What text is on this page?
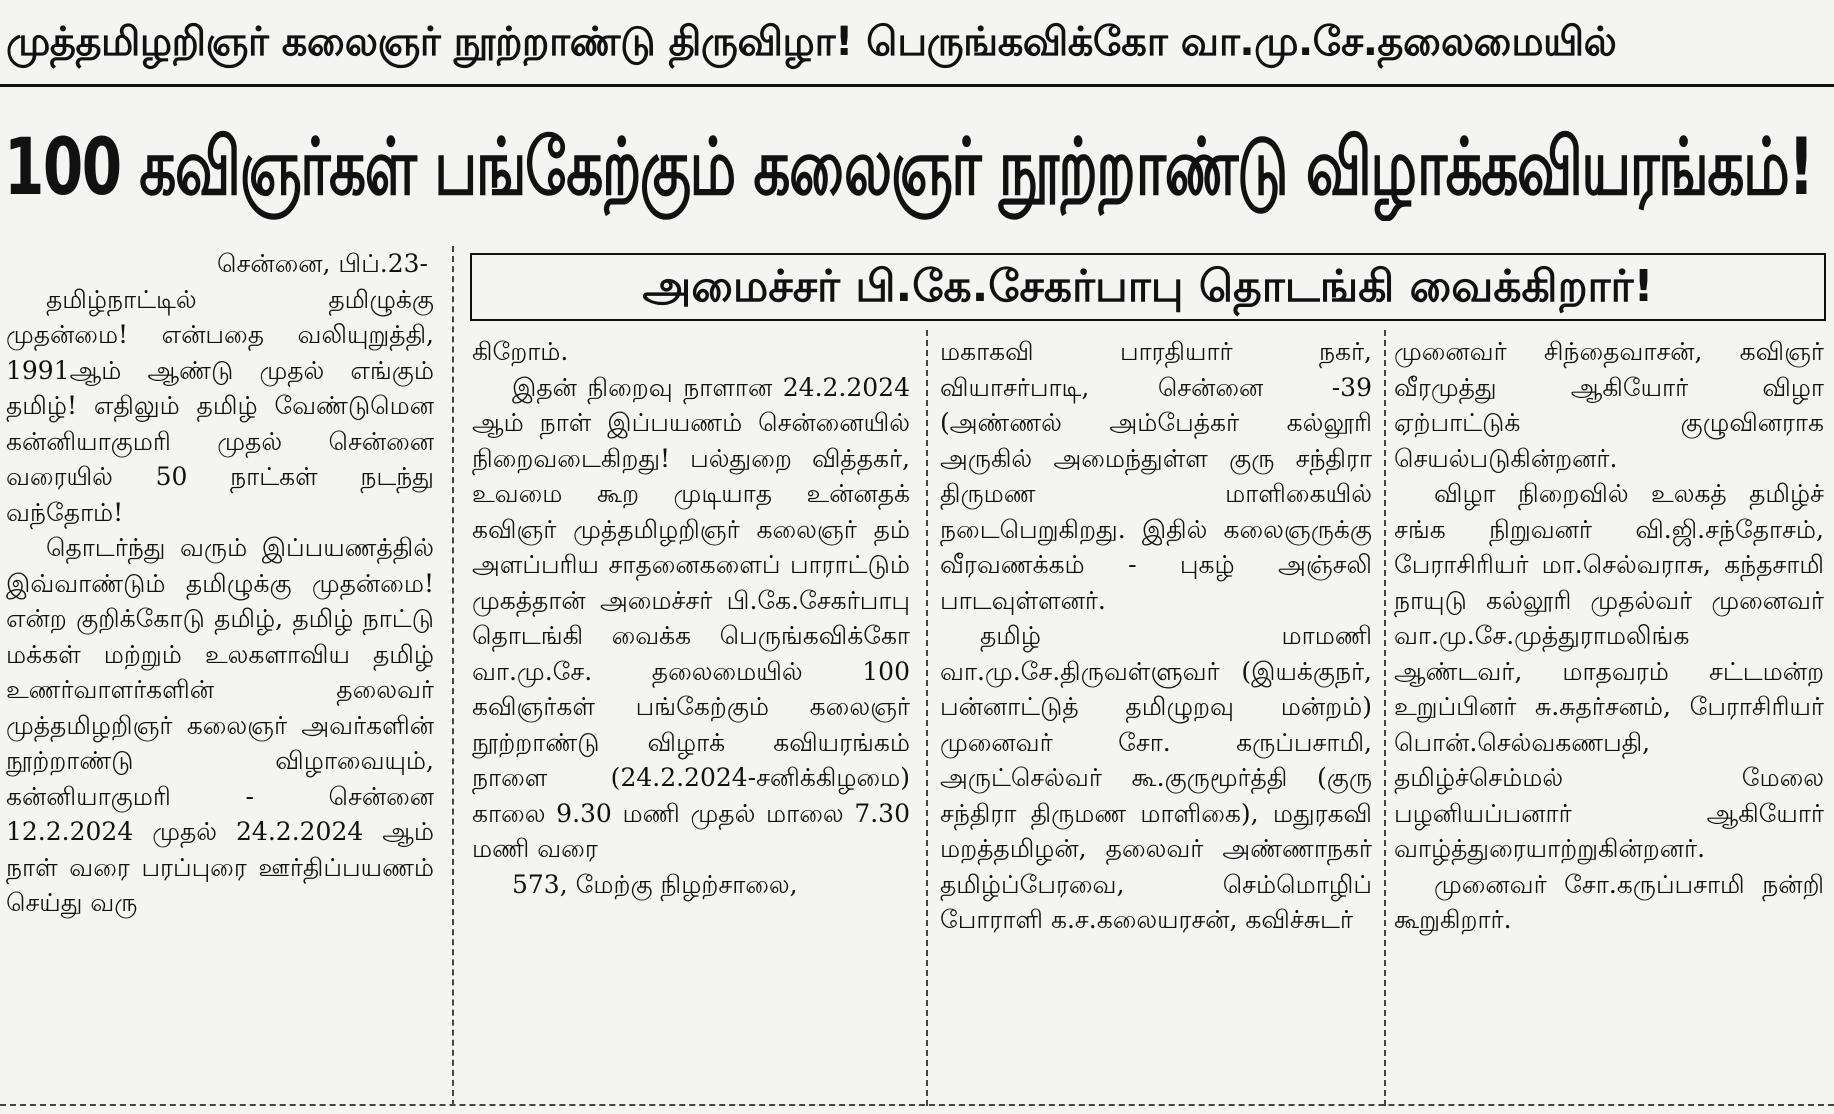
முத்தமிழறிஞர் கலைஞர் நூற்றாண்டு திருவிழா! பெருங்கவிக்கோ வா.மு.சே.தலைமையில்
100 கவிஞர்கள் பங்கேற்கும் கலைஞர் நூற்றாண்டு விழாக்கவியரங்கம்!
அமைச்சர் பி.கே.சேகர்பாபு தொடங்கி வைக்கிறார்!

சென்னை, பிப்.23-

தமிழ்நாட்டில் தமிழுக்கு முதன்மை! என்பதை வலியுறுத்தி, 1991ஆம் ஆண்டு முதல் எங்கும் தமிழ்! எதிலும் தமிழ் வேண்டுமென கன்னியாகுமரி முதல் சென்னை வரையில் 50 நாட்கள் நடந்து வந்தோம்!

தொடர்ந்து வரும் இப்பயணத்தில் இவ்வாண்டும் தமிழுக்கு முதன்மை! என்ற குறிக்கோடு தமிழ், தமிழ் நாட்டு மக்கள் மற்றும் உலகளாவிய தமிழ் உணர்வாளர்களின் தலைவர் முத்தமிழறிஞர் கலைஞர் அவர்களின் நூற்றாண்டு விழாவையும், கன்னியாகுமரி - சென்னை 12.2.2024 முதல் 24.2.2024 ஆம் நாள் வரை பரப்புரை ஊர்திப்பயணம் செய்து வரு

கிறோம்.

இதன் நிறைவு நாளான 24.2.2024 ஆம் நாள் இப்பயணம் சென்னையில் நிறைவடைகிறது! பல்துறை வித்தகர், உவமை கூற முடியாத உன்னதக் கவிஞர் முத்தமிழறிஞர் கலைஞர் தம் அளப்பரிய சாதனைகளைப் பாராட்டும் முகத்தான் அமைச்சர் பி.கே.சேகர்பாபு தொடங்கி வைக்க பெருங்கவிக்கோ வா.மு.சே. தலைமையில் 100 கவிஞர்கள் பங்கேற்கும் கலைஞர் நூற்றாண்டு விழாக் கவியரங்கம் நாளை (24.2.2024-சனிக்கிழமை) காலை 9.30 மணி முதல் மாலை 7.30 மணி வரை

573, மேற்கு நிழற்சாலை,

மகாகவி பாரதியார் நகர், வியாசர்பாடி, சென்னை -39 (அண்ணல் அம்பேத்கர் கல்லூரி அருகில் அமைந்துள்ள குரு சந்திரா திருமண மாளிகையில் நடைபெறுகிறது. இதில் கலைஞருக்கு வீரவணக்கம் - புகழ் அஞ்சலி பாடவுள்ளனர்.

தமிழ் மாமணி வா.மு.சே.திருவள்ளுவர் (இயக்குநர், பன்னாட்டுத் தமிழுறவு மன்றம்) முனைவர் சோ. கருப்பசாமி, அருட்செல்வர் கூ.குருமூர்த்தி (குரு சந்திரா திருமண மாளிகை), மதுரகவி மறத்தமிழன், தலைவர் அண்ணாநகர் தமிழ்ப்பேரவை, செம்மொழிப் போராளி க.ச.கலையரசன், கவிச்சுடர்

முனைவர் சிந்தைவாசன், கவிஞர் வீரமுத்து ஆகியோர் விழா ஏற்பாட்டுக் குழுவினராக செயல்படுகின்றனர்.

விழா நிறைவில் உலகத் தமிழ்ச் சங்க நிறுவனர் வி.ஜி.சந்தோசம், பேராசிரியர் மா.செல்வராசு, கந்தசாமி நாயுடு கல்லூரி முதல்வர் முனைவர் வா.மு.சே.முத்துராமலிங்க ஆண்டவர், மாதவரம் சட்டமன்ற உறுப்பினர் சு.சுதர்சனம், பேராசிரியர் பொன்.செல்வகணபதி, தமிழ்ச்செம்மல் மேலை பழனியப்பனார் ஆகியோர் வாழ்த்துரையாற்றுகின்றனர்.

முனைவர் சோ.கருப்பசாமி நன்றி கூறுகிறார்.
